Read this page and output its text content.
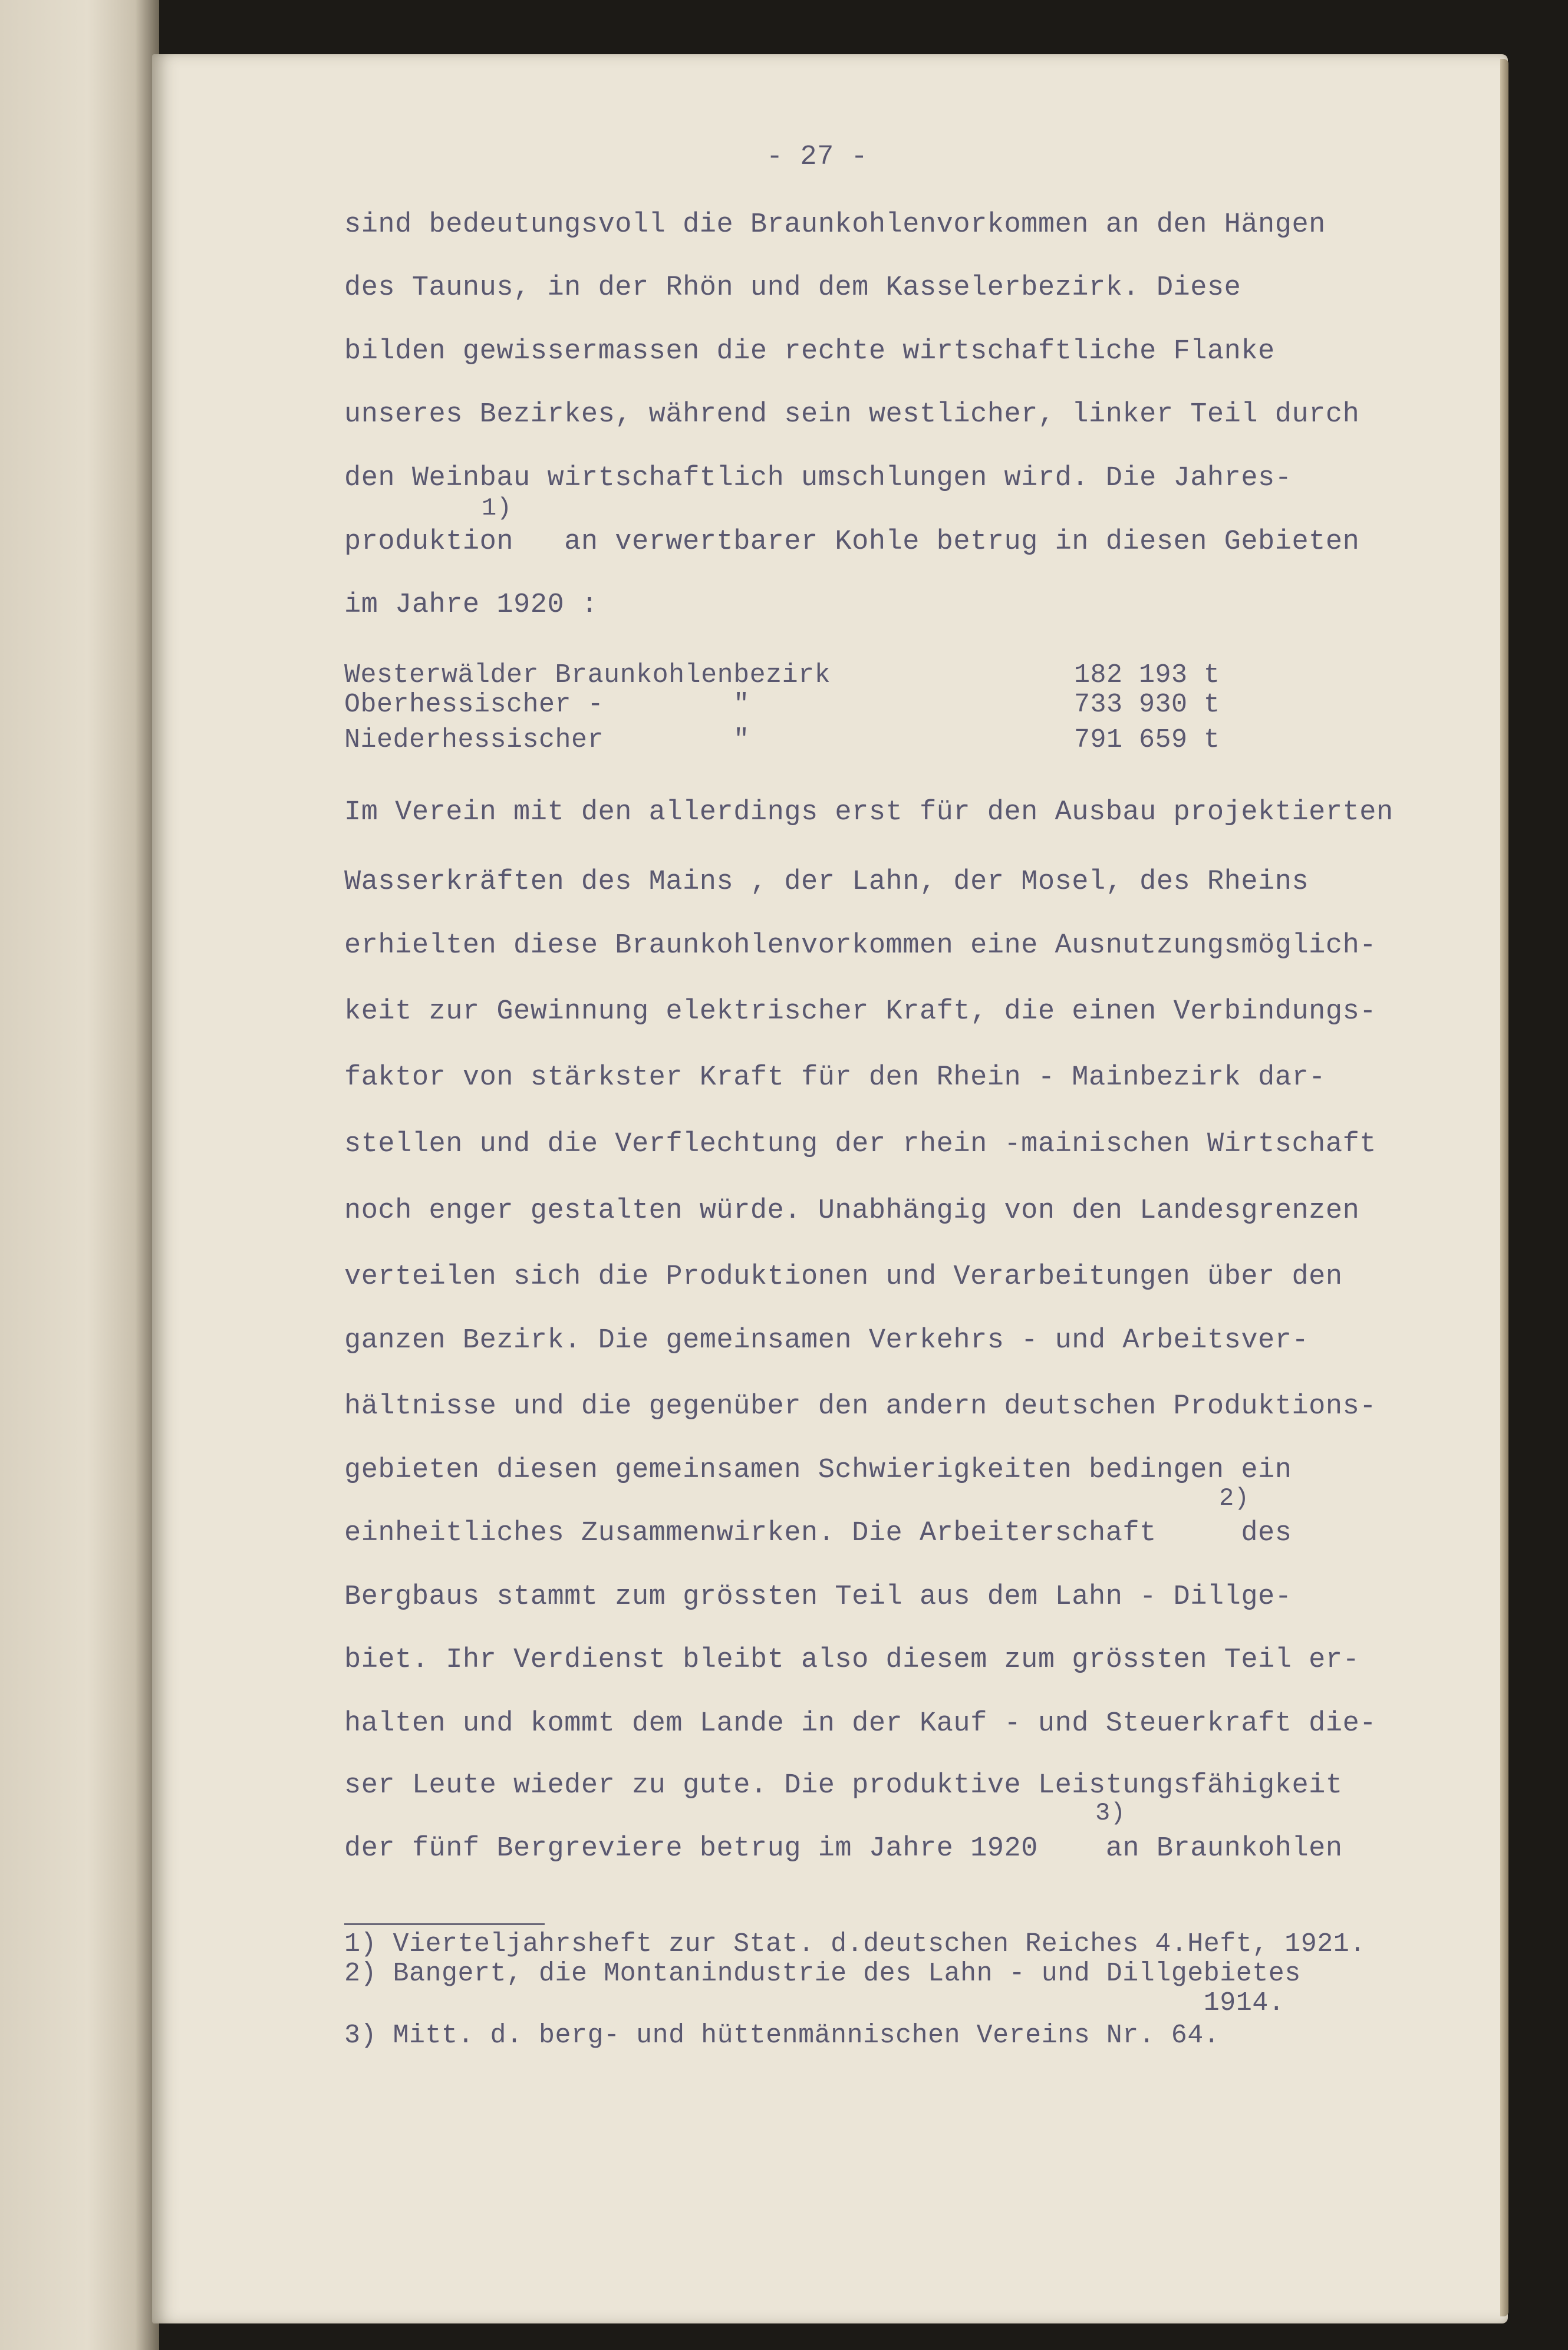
- 27 -
sind bedeutungsvoll die Braunkohlenvorkommen an den Hängen
des Taunus, in der Rhön und dem Kasselerbezirk. Diese
bilden gewissermassen die rechte wirtschaftliche Flanke
unseres Bezirkes, während sein westlicher, linker Teil durch
den Weinbau wirtschaftlich umschlungen wird. Die Jahres-
1)
produktion   an verwertbarer Kohle betrug in diesen Gebieten
im Jahre 1920 :
Westerwälder Braunkohlenbezirk	182 193 t
Oberhessischer -        "	733 930 t
Niederhessischer        "	791 659 t
Im Verein mit den allerdings erst für den Ausbau projektierten
Wasserkräften des Mains , der Lahn, der Mosel, des Rheins
erhielten diese Braunkohlenvorkommen eine Ausnutzungsmöglich-
keit zur Gewinnung elektrischer Kraft, die einen Verbindungs-
faktor von stärkster Kraft für den Rhein - Mainbezirk dar-
stellen und die Verflechtung der rhein -mainischen Wirtschaft
noch enger gestalten würde. Unabhängig von den Landesgrenzen
verteilen sich die Produktionen und Verarbeitungen über den
ganzen Bezirk. Die gemeinsamen Verkehrs - und Arbeitsver-
hältnisse und die gegenüber den andern deutschen Produktions-
gebieten diesen gemeinsamen Schwierigkeiten bedingen ein
2)
einheitliches Zusammenwirken. Die Arbeiterschaft     des
Bergbaus stammt zum grössten Teil aus dem Lahn - Dillge-
biet. Ihr Verdienst bleibt also diesem zum grössten Teil er-
halten und kommt dem Lande in der Kauf - und Steuerkraft die-
ser Leute wieder zu gute. Die produktive Leistungsfähigkeit
3)
der fünf Bergreviere betrug im Jahre 1920    an Braunkohlen
1) Vierteljahrsheft zur Stat. d.deutschen Reiches 4.Heft, 1921.
2) Bangert, die Montanindustrie des Lahn - und Dillgebietes
1914.
3) Mitt. d. berg- und hüttenmännischen Vereins Nr. 64.
